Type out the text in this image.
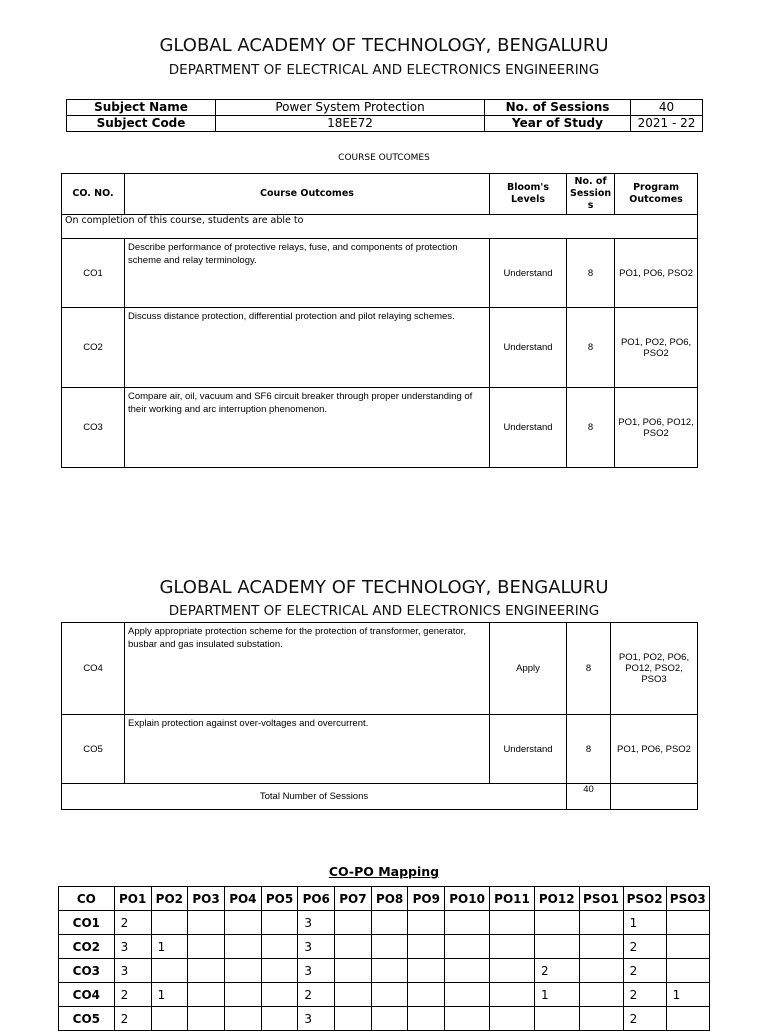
GLOBAL ACADEMY OF TECHNOLOGY, BENGALURU
DEPARTMENT OF ELECTRICAL AND ELECTRONICS ENGINEERING
Subject Name	Power System Protection	No. of Sessions	40
Subject Code	18EE72	Year of Study	2021 - 22
COURSE OUTCOMES
CO. NO.	Course Outcomes	Bloom's Levels	No. of Session s	Program Outcomes
On completion of this course, students are able to				
CO1	Describe performance of protective relays, fuse, and components of protection scheme and relay terminology.	Understand	8	PO1, PO6, PSO2
CO2	Discuss distance protection, differential protection and pilot relaying schemes.	Understand	8	PO1, PO2, PO6, PSO2
CO3	Compare air, oil, vacuum and SF6 circuit breaker through proper understanding of their working and arc interruption phenomenon.	Understand	8	PO1, PO6, PO12, PSO2
GLOBAL ACADEMY OF TECHNOLOGY, BENGALURU
DEPARTMENT OF ELECTRICAL AND ELECTRONICS ENGINEERING
CO4	Apply appropriate protection scheme for the protection of transformer, generator, busbar and gas insulated substation.	Apply	8	PO1, PO2, PO6, PO12, PSO2, PSO3
CO5	Explain protection against over-voltages and overcurrent.	Understand	8	PO1, PO6, PSO2
Total Number of Sessions			40	
CO-PO Mapping
CO	PO1	PO2	PO3	PO4	PO5	PO6	PO7	PO8	PO9	PO10	PO11	PO12	PSO1	PSO2	PSO3
CO1	2					3								1	
CO2	3	1				3								2	
CO3	3					3						2		2	
CO4	2	1				2						1		2	1
CO5	2					3								2	
